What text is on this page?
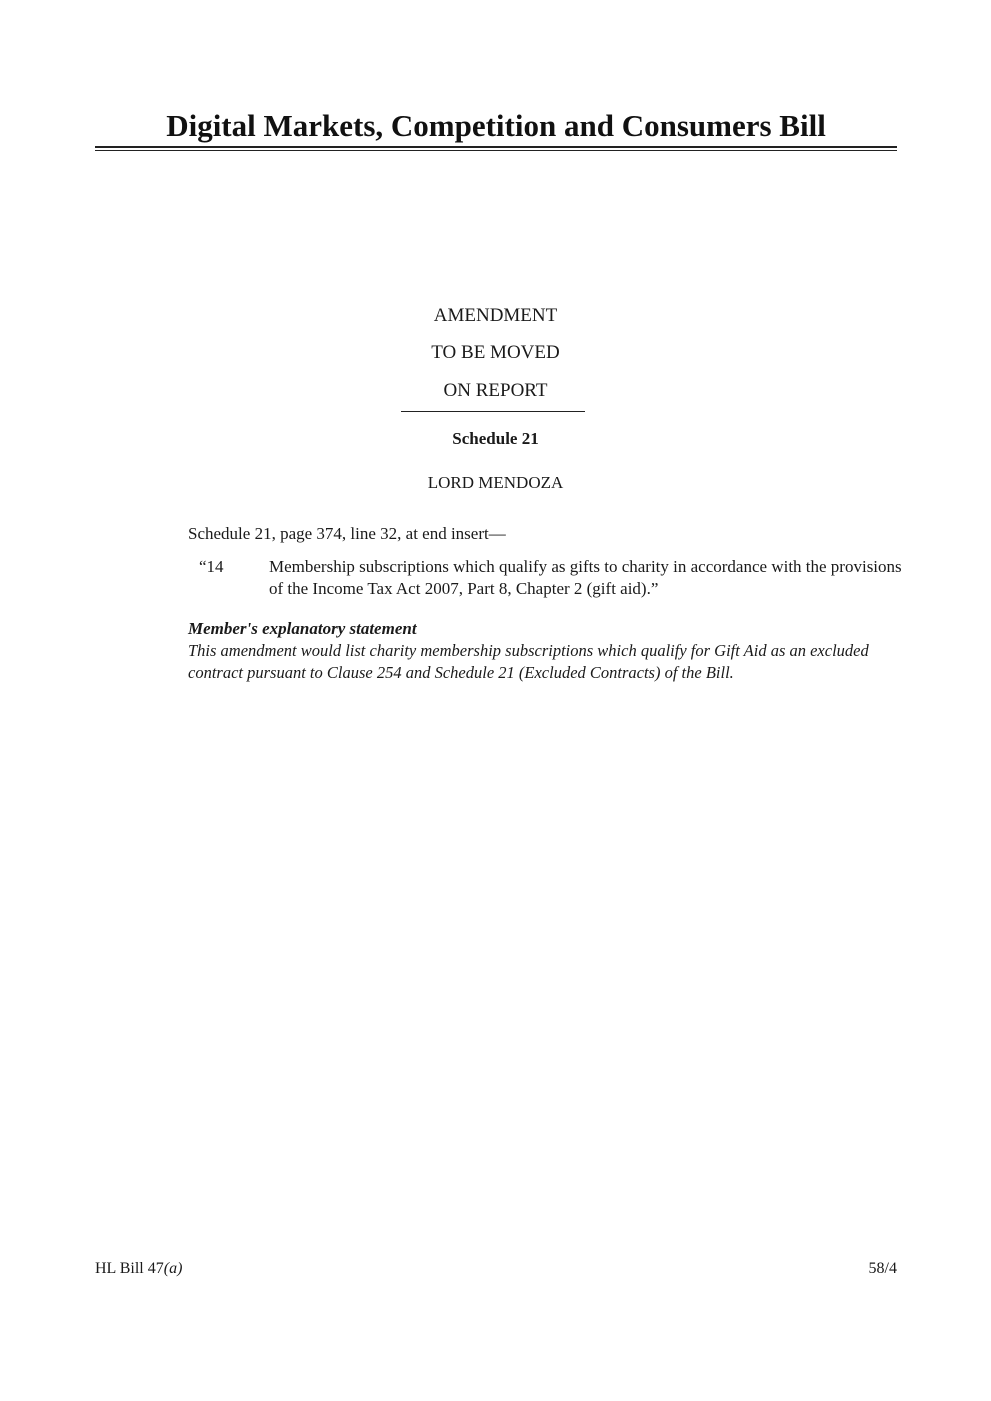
Digital Markets, Competition and Consumers Bill
AMENDMENT
TO BE MOVED
ON REPORT
Schedule 21
LORD MENDOZA
Schedule 21, page 374, line 32, at end insert—
“14	Membership subscriptions which qualify as gifts to charity in accordance with the provisions of the Income Tax Act 2007, Part 8, Chapter 2 (gift aid).”

Member's explanatory statement

This amendment would list charity membership subscriptions which qualify for Gift Aid as an excluded contract pursuant to Clause 254 and Schedule 21 (Excluded Contracts) of the Bill.

HL Bill 47(a)	58/4
